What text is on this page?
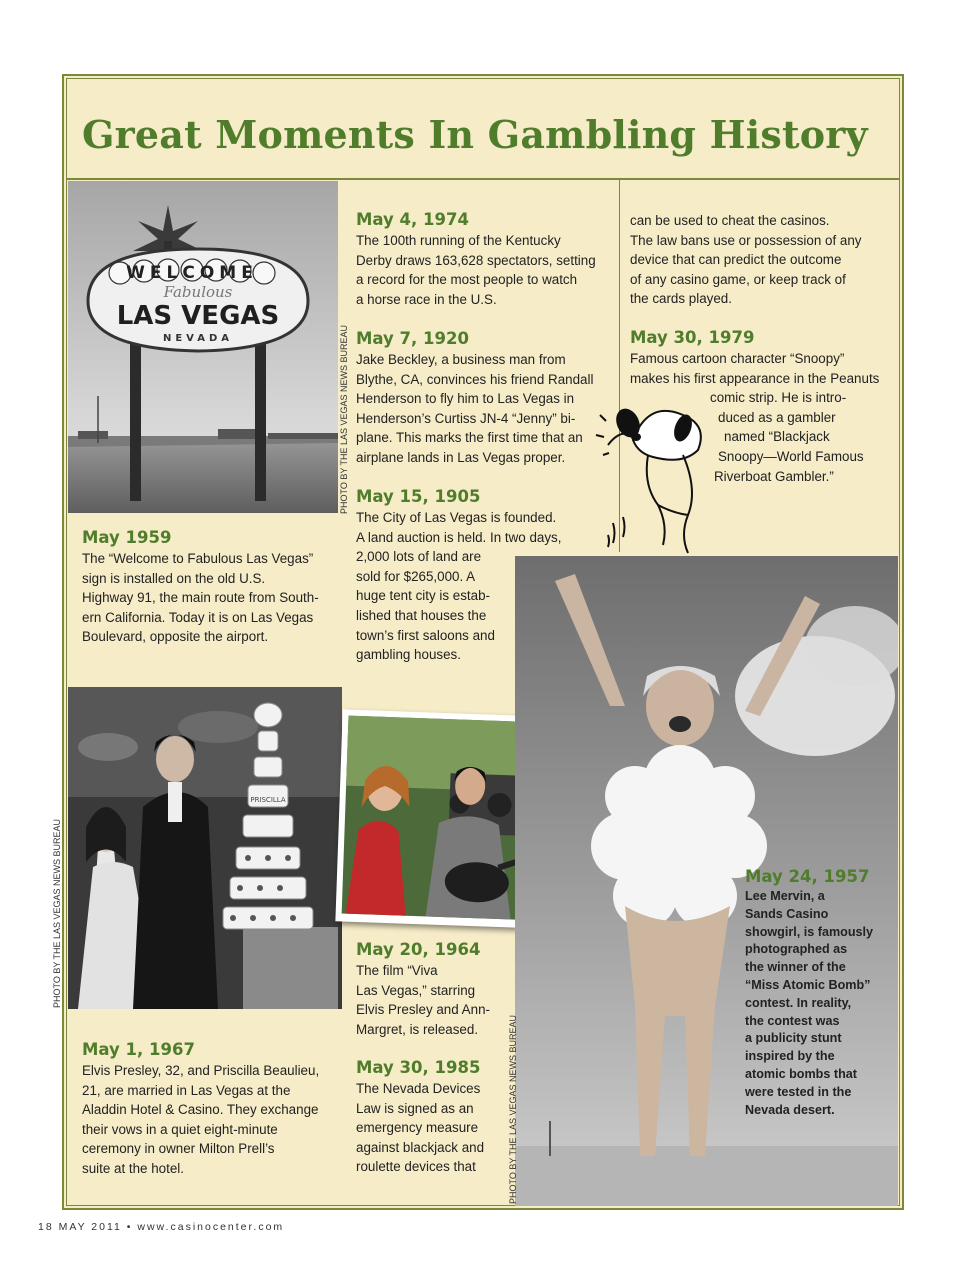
Great Moments In Gambling History
WELCOME
Fabulous
LAS VEGAS
NEVADA	PHOTO BY THE LAS VEGAS NEWS BUREAU
PRISCILLA
PHOTO BY THE LAS VEGAS NEWS BUREAU
PHOTO BY THE LAS VEGAS NEWS BUREAU
May 1959

The “Welcome to Fabulous Las Vegas”

sign is installed on the old U.S.

Highway 91, the main route from South-

ern California. Today it is on Las Vegas

Boulevard, opposite the airport.

May 1, 1967

Elvis Presley, 32, and Priscilla Beaulieu,

21, are married in Las Vegas at the

Aladdin Hotel & Casino. They exchange

their vows in a quiet eight-minute

ceremony in owner Milton Prell’s

suite at the hotel.

May 4, 1974

The 100th running of the Kentucky

Derby draws 163,628 spectators, setting

a record for the most people to watch

a horse race in the U.S.

May 7, 1920

Jake Beckley, a business man from

Blythe, CA, convinces his friend Randall

Henderson to fly him to Las Vegas in

Henderson’s Curtiss JN-4 “Jenny” bi-

plane. This marks the first time that an

airplane lands in Las Vegas proper.

May 15, 1905

The City of Las Vegas is founded.

A land auction is held. In two days,

2,000 lots of land are

sold for $265,000. A

huge tent city is estab-

lished that houses the

town’s first saloons and

gambling houses.

May 20, 1964

The film “Viva

Las Vegas,” starring

Elvis Presley and Ann-

Margret, is released.

May 30, 1985

The Nevada Devices

Law is signed as an

emergency measure

against blackjack and

roulette devices that

can be used to cheat the casinos.

The law bans use or possession of any

device that can predict the outcome

of any casino game, or keep track of

the cards played.

May 30, 1979

Famous cartoon character “Snoopy”

makes his first appearance in the Peanuts

comic strip. He is intro-

duced as a gambler

named “Blackjack

Snoopy—World Famous

Riverboat Gambler.”

May 24, 1957

Lee Mervin, a

Sands Casino

showgirl, is famously

photographed as

the winner of the

“Miss Atomic Bomb”

contest. In reality,

the contest was

a publicity stunt

inspired by the

atomic bombs that

were tested in the

Nevada desert.

18 MAY 2011 • www.casinocenter.com
